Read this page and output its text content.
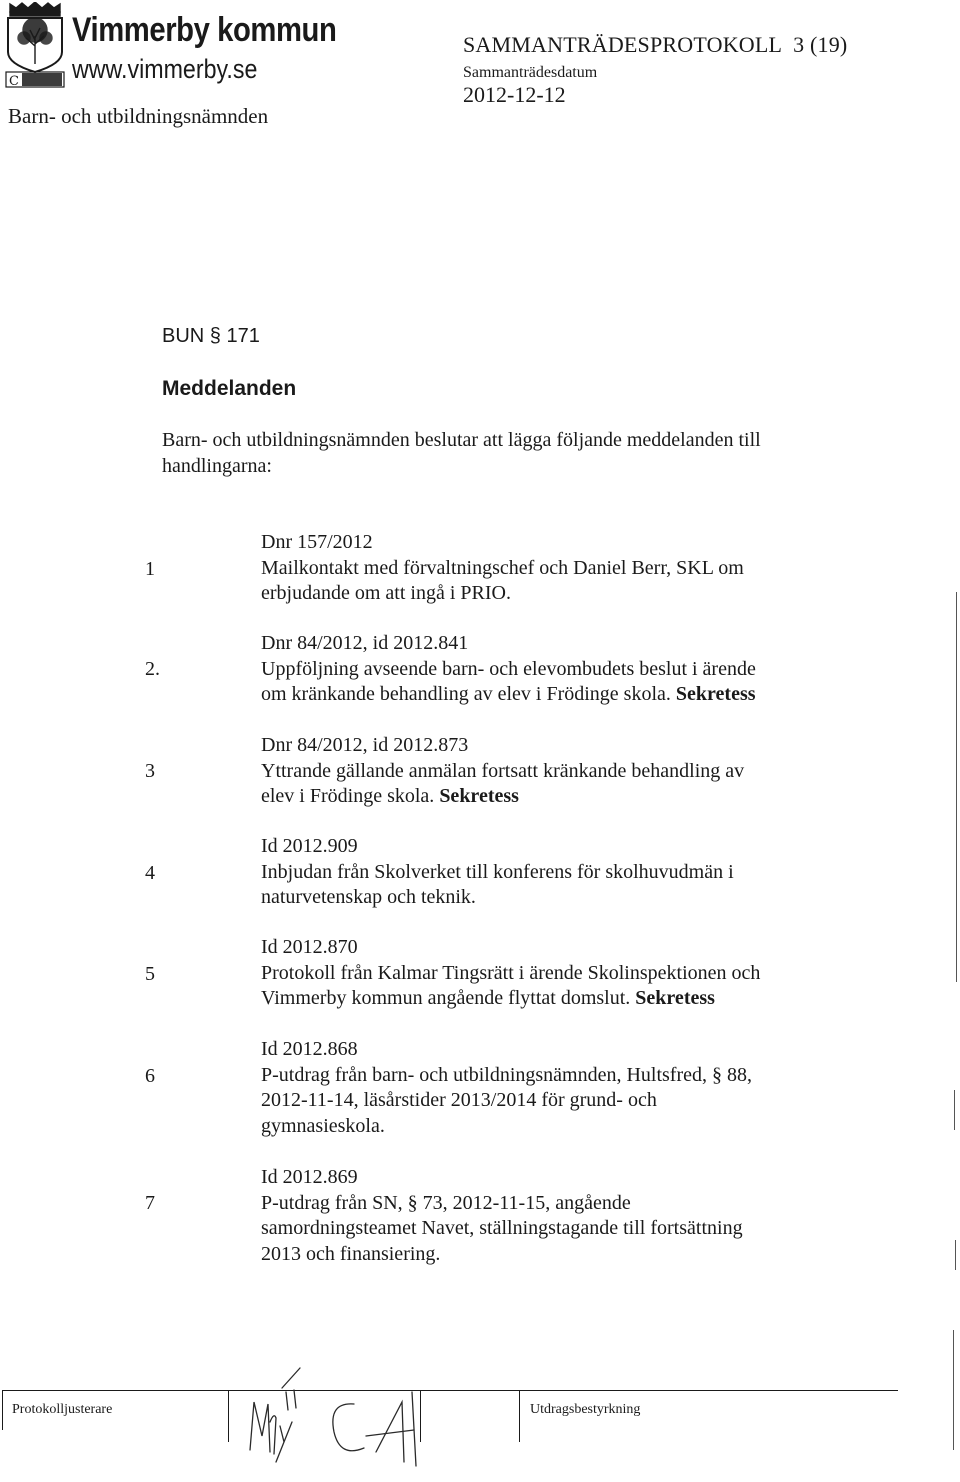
C
Vimmerby kommun
www.vimmerby.se
Barn- och utbildningsnämnden
SAMMANTRÄDESPROTOKOLL 3 (19)
Sammanträdesdatum
2012-12-12
BUN § 171
Meddelanden
Barn- och utbildningsnämnden beslutar att lägga följande meddelanden till
handlingarna:
1
Dnr 157/2012
Mailkontakt med förvaltningschef och Daniel Berr, SKL om
erbjudande om att ingå i PRIO.
2.
Dnr 84/2012, id 2012.841
Uppföljning avseende barn- och elevombudets beslut i ärende
om kränkande behandling av elev i Frödinge skola. Sekretess
3
Dnr 84/2012, id 2012.873
Yttrande gällande anmälan fortsatt kränkande behandling av
elev i Frödinge skola. Sekretess
4
Id 2012.909
Inbjudan från Skolverket till konferens för skolhuvudmän i
naturvetenskap och teknik.
5
Id 2012.870
Protokoll från Kalmar Tingsrätt i ärende Skolinspektionen och
Vimmerby kommun angående flyttat domslut. Sekretess
6
Id 2012.868
P-utdrag från barn- och utbildningsnämnden, Hultsfred, § 88,
2012-11-14, läsårstider 2013/2014 för grund- och
gymnasieskola.
7
Id 2012.869
P-utdrag från SN, § 73, 2012-11-15, angående
samordningsteamet Navet, ställningstagande till fortsättning
2013 och finansiering.
Protokolljusterare	Utdragsbestyrkning
